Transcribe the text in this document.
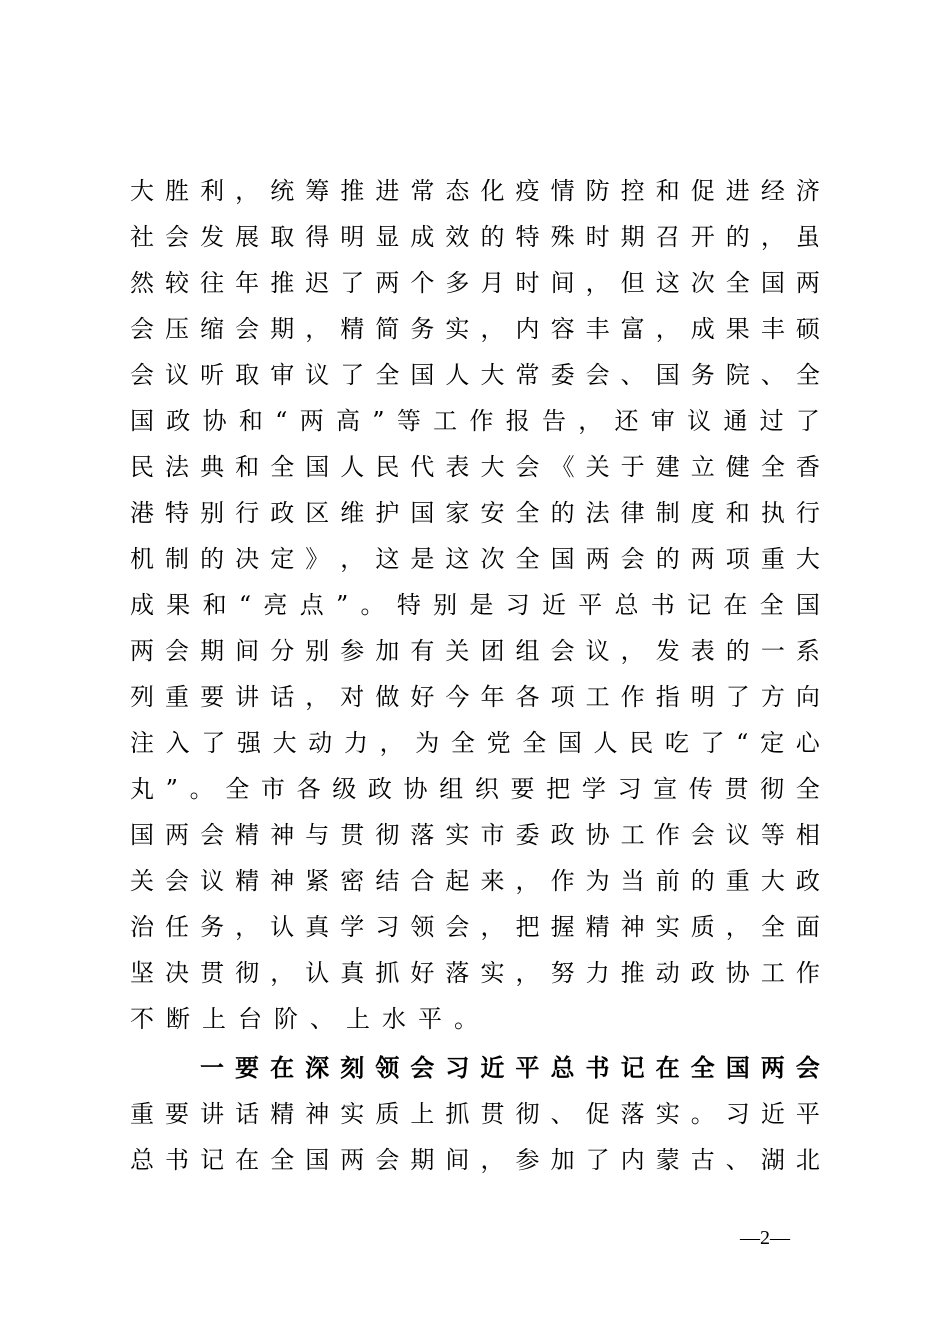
大 胜 利 ， 统 筹 推 进 常 态 化 疫 情 防 控 和 促 进 经 济
社 会 发 展 取 得 明 显 成 效 的 特 殊 时 期 召 开 的 ， 虽
然 较 往 年 推 迟 了 两 个 多 月 时 间 ， 但 这 次 全 国 两
会 压 缩 会 期 ， 精 简 务 实 ， 内 容 丰 富 ， 成 果 丰 硕
会 议 听 取 审 议 了 全 国 人 大 常 委 会 、 国 务 院 、 全
国 政 协 和 “ 两 高 ” 等 工 作 报 告 ， 还 审 议 通 过 了
民 法 典 和 全 国 人 民 代 表 大 会 《 关 于 建 立 健 全 香
港 特 别 行 政 区 维 护 国 家 安 全 的 法 律 制 度 和 执 行
机 制 的 决 定 》 ， 这 是 这 次 全 国 两 会 的 两 项 重 大
成 果 和 “ 亮 点 ” 。 特 别 是 习 近 平 总 书 记 在 全 国
两 会 期 间 分 别 参 加 有 关 团 组 会 议 ， 发 表 的 一 系
列 重 要 讲 话 ， 对 做 好 今 年 各 项 工 作 指 明 了 方 向
注 入 了 强 大 动 力 ， 为 全 党 全 国 人 民 吃 了 “ 定 心
丸 ” 。 全 市 各 级 政 协 组 织 要 把 学 习 宣 传 贯 彻 全
国 两 会 精 神 与 贯 彻 落 实 市 委 政 协 工 作 会 议 等 相
关 会 议 精 神 紧 密 结 合 起 来 ， 作 为 当 前 的 重 大 政
治 任 务 ， 认 真 学 习 领 会 ， 把 握 精 神 实 质 ， 全 面
坚 决 贯 彻 ， 认 真 抓 好 落 实 ， 努 力 推 动 政 协 工 作
不断上台阶、上水平。
一 要 在 深 刻 领 会 习 近 平 总 书 记 在 全 国 两 会
重 要 讲 话 精 神 实 质 上 抓 贯 彻 、 促 落 实 。 习 近 平
总 书 记 在 全 国 两 会 期 间 ， 参 加 了 内 蒙 古 、 湖 北
—2—
